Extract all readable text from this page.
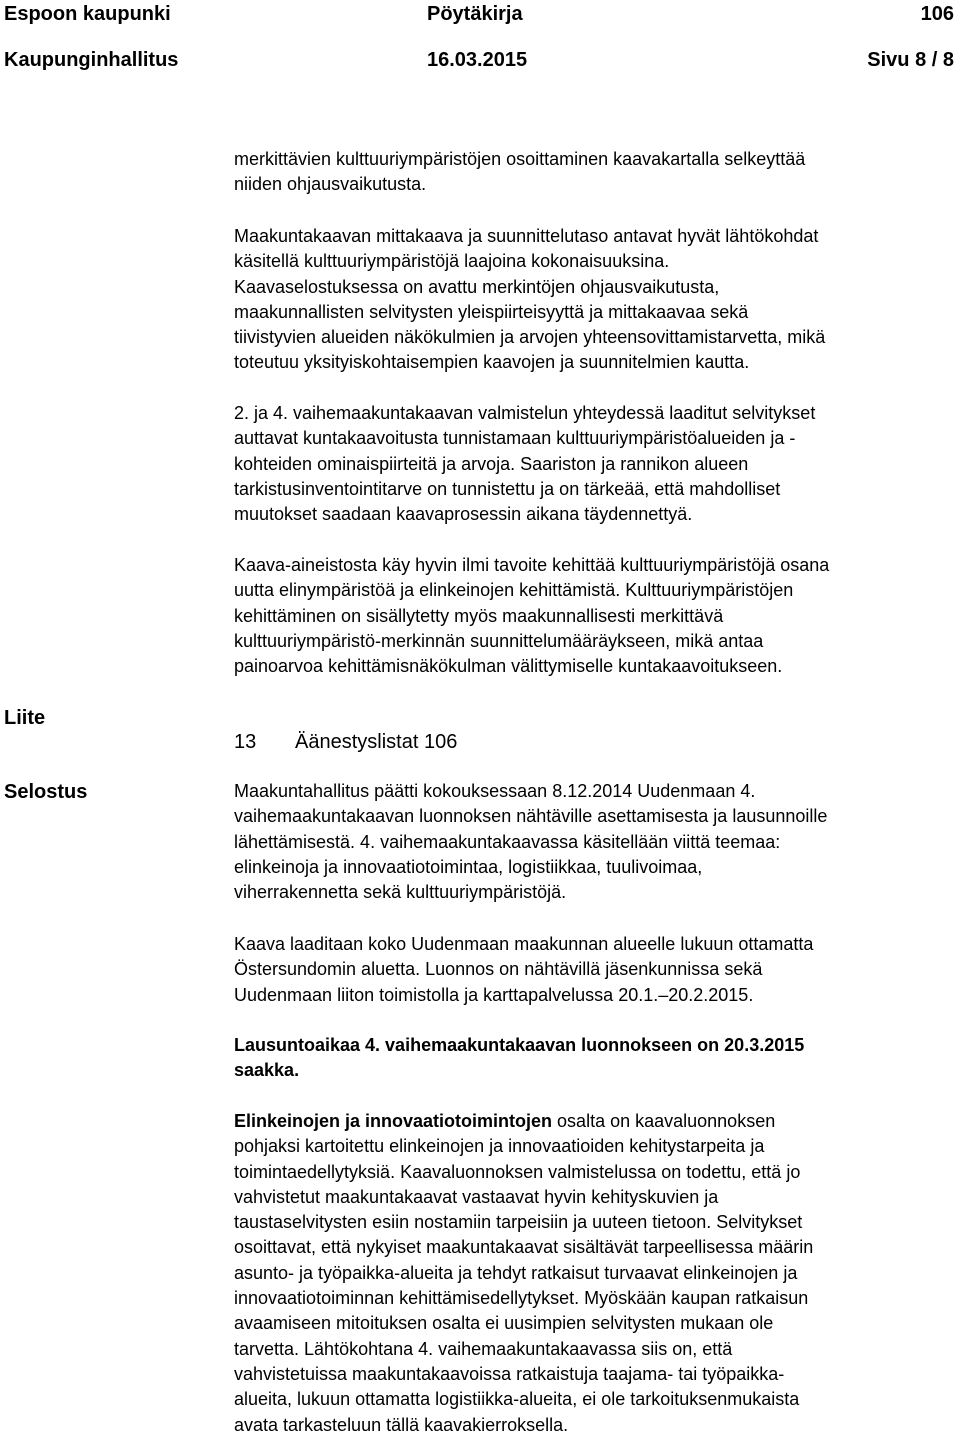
Espoon kaupunki	Pöytäkirja	106
Kaupunginhallitus	16.03.2015	Sivu 8 / 8

merkittävien kulttuuriympäristöjen osoittaminen kaavakartalla selkeyttää

niiden ohjausvaikutusta.

Maakuntakaavan mittakaava ja suunnittelutaso antavat hyvät lähtökohdat

käsitellä kulttuuriympäristöjä laajoina kokonaisuuksina.

Kaavaselostuksessa on avattu merkintöjen ohjausvaikutusta,

maakunnallisten selvitysten yleispiirteisyyttä ja mittakaavaa sekä

tiivistyvien alueiden näkökulmien ja arvojen yhteensovittamistarvetta, mikä

toteutuu yksityiskohtaisempien kaavojen ja suunnitelmien kautta.

2. ja 4. vaihemaakuntakaavan valmistelun yhteydessä laaditut selvitykset

auttavat kuntakaavoitusta tunnistamaan kulttuuriympäristöalueiden ja -

kohteiden ominaispiirteitä ja arvoja. Saariston ja rannikon alueen

tarkistusinventointitarve on tunnistettu ja on tärkeää, että mahdolliset

muutokset saadaan kaavaprosessin aikana täydennettyä.

Kaava-aineistosta käy hyvin ilmi tavoite kehittää kulttuuriympäristöjä osana

uutta elinympäristöä ja elinkeinojen kehittämistä. Kulttuuriympäristöjen

kehittäminen on sisällytetty myös maakunnallisesti merkittävä

kulttuuriympäristö-merkinnän suunnittelumääräykseen, mikä antaa

painoarvoa kehittämisnäkökulman välittymiselle kuntakaavoitukseen.

Liite
13 Äänestyslistat 106
Selostus	Maakuntahallitus päätti kokouksessaan 8.12.2014 Uudenmaan 4.

vaihemaakuntakaavan luonnoksen nähtäville asettamisesta ja lausunnoille

lähettämisestä. 4. vaihemaakuntakaavassa käsitellään viittä teemaa:

elinkeinoja ja innovaatiotoimintaa, logistiikkaa, tuulivoimaa,

viherrakennetta sekä kulttuuriympäristöjä.

Kaava laaditaan koko Uudenmaan maakunnan alueelle lukuun ottamatta

Östersundomin aluetta. Luonnos on nähtävillä jäsenkunnissa sekä

Uudenmaan liiton toimistolla ja karttapalvelussa 20.1.–20.2.2015.

Lausuntoaikaa 4. vaihemaakuntakaavan luonnokseen on 20.3.2015

saakka.

Elinkeinojen ja innovaatiotoimintojen osalta on kaavaluonnoksen

pohjaksi kartoitettu elinkeinojen ja innovaatioiden kehitystarpeita ja

toimintaedellytyksiä. Kaavaluonnoksen valmistelussa on todettu, että jo

vahvistetut maakuntakaavat vastaavat hyvin kehityskuvien ja

taustaselvitysten esiin nostamiin tarpeisiin ja uuteen tietoon. Selvitykset

osoittavat, että nykyiset maakuntakaavat sisältävät tarpeellisessa määrin

asunto- ja työpaikka-alueita ja tehdyt ratkaisut turvaavat elinkeinojen ja

innovaatiotoiminnan kehittämisedellytykset. Myöskään kaupan ratkaisun

avaamiseen mitoituksen osalta ei uusimpien selvitysten mukaan ole

tarvetta. Lähtökohtana 4. vaihemaakuntakaavassa siis on, että

vahvistetuissa maakuntakaavoissa ratkaistuja taajama- tai työpaikka-

alueita, lukuun ottamatta logistiikka-alueita, ei ole tarkoituksenmukaista

avata tarkasteluun tällä kaavakierroksella.
